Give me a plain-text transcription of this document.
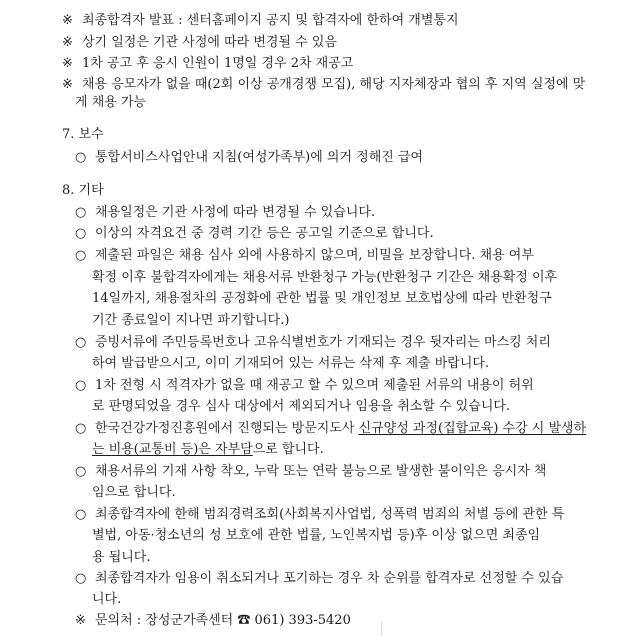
※ 최종합격자 발표 : 센터홈페이지 공지 및 합격자에 한하여 개별통지
※ 상기 일정은 기관 사정에 따라 변경될 수 있음
※ 1차 공고 후 응시 인원이 1명일 경우 2차 재공고
※ 채용 응모자가 없을 때(2회 이상 공개경쟁 모집), 해당 지자체장과 협의 후 지역 실정에 맞
게 채용 가능
7. 보수
○ 통합서비스사업안내 지침(여성가족부)에 의거 정해진 급여
8. 기타
○ 채용일정은 기관 사정에 따라 변경될 수 있습니다.
○ 이상의 자격요건 중 경력 기간 등은 공고일 기준으로 합니다.
○ 제출된 파일은 채용 심사 외에 사용하지 않으며, 비밀을 보장합니다. 채용 여부
확정 이후 불합격자에게는 채용서류 반환청구 가능(반환청구 기간은 채용확정 이후
14일까지, 채용절차의 공정화에 관한 법률 및 개인정보 보호법상에 따라 반환청구
기간 종료일이 지나면 파기합니다.)
○ 증빙서류에 주민등록번호나 고유식별번호가 기재되는 경우 뒷자리는 마스킹 처리
하여 발급받으시고, 이미 기재되어 있는 서류는 삭제 후 제출 바랍니다.
○ 1차 전형 시 적격자가 없을 때 재공고 할 수 있으며 제출된 서류의 내용이 허위
로 판명되었을 경우 심사 대상에서 제외되거나 임용을 취소할 수 있습니다.
○ 한국건강가정진흥원에서 진행되는 방문지도사 신규양성 과정(집합교육) 수강 시 발생하
는 비용(교통비 등)은 자부담으로 합니다.
○ 채용서류의 기재 사항 착오, 누락 또는 연락 불능으로 발생한 불이익은 응시자 책
임으로 합니다.
○ 최종합격자에 한해 범죄경력조회(사회복지사업법, 성폭력 범죄의 처벌 등에 관한 특
별법, 아동·청소년의 성 보호에 관한 법률, 노인복지법 등)후 이상 없으면 최종임
용 됩니다.
○ 최종합격자가 임용이 취소되거나 포기하는 경우 차 순위를 합격자로 선정할 수 있습
니다.
※ 문의처 : 장성군가족센터 ☎ 061) 393-5420
